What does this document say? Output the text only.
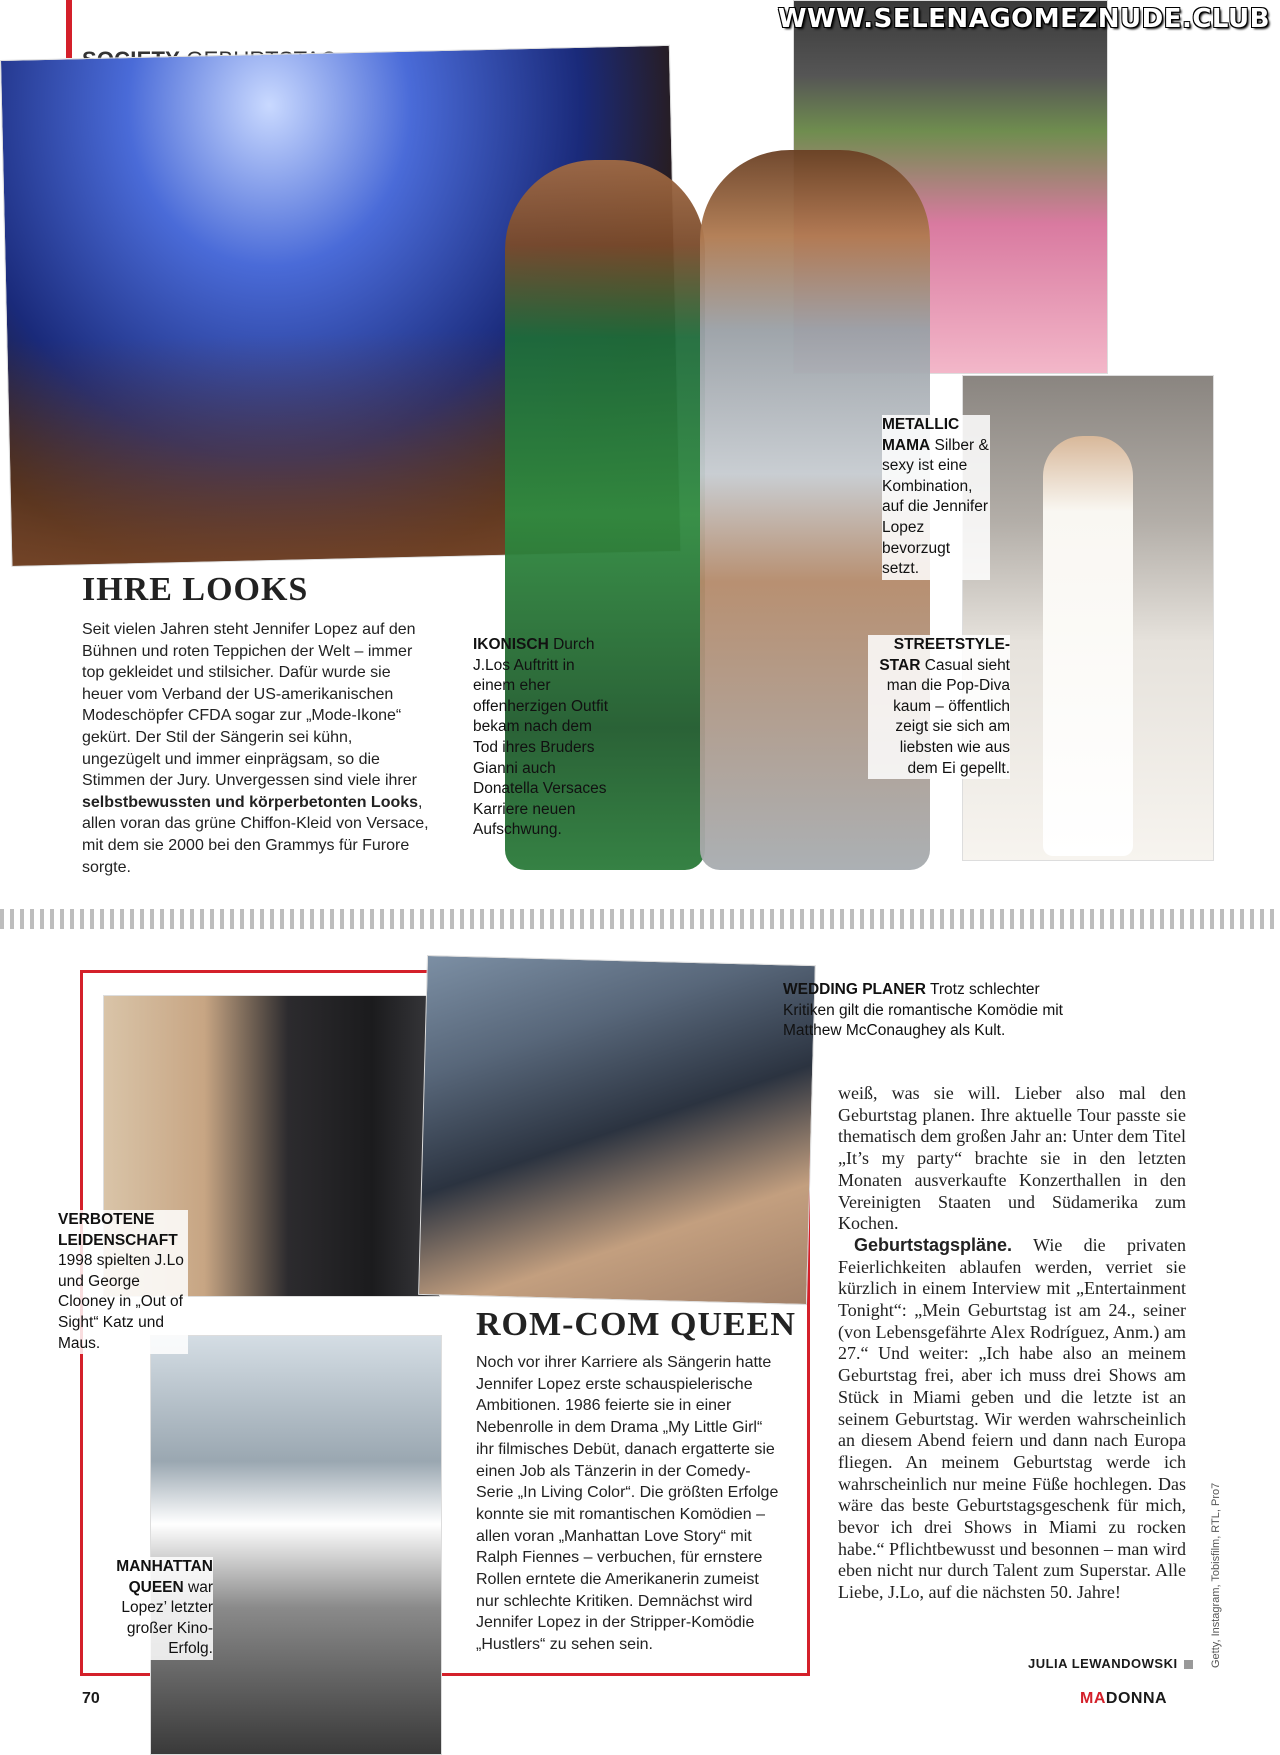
WWW.SELENAGOMEZNUDE.CLUB
IHRE LOOKS
Seit vielen Jahren steht Jennifer Lopez auf den Bühnen und roten Teppichen der Welt – immer top gekleidet und stilsicher. Dafür wurde sie heuer vom Verband der US-amerikanischen Modeschöpfer CFDA sogar zur „Mode-Ikone“ gekürt. Der Stil der Sängerin sei kühn, ungezügelt und immer einprägsam, so die Stimmen der Jury. Unvergessen sind viele ihrer selbstbewussten und körperbetonten Looks, allen voran das grüne Chiffon-Kleid von Versace, mit dem sie 2000 bei den Grammys für Furore sorgte.
IKONISCH Durch J.Los Auftritt in einem eher offenherzigen Outfit bekam nach dem Tod ihres Bruders Gianni auch Donatella Versaces Karriere neuen Aufschwung.
METALLIC MAMA Silber & sexy ist eine Kombination, auf die Jennifer Lopez bevorzugt setzt.
STREETSTYLE-STAR Casual sieht man die Pop-Diva kaum – öffentlich zeigt sie sich am liebsten wie aus dem Ei gepellt.
WEDDING PLANER Trotz schlechter Kritiken gilt die romantische Komödie mit Matthew McConaughey als Kult.
VERBOTENE LEIDENSCHAFT 1998 spielten J.Lo und George Clooney in „Out of Sight“ Katz und Maus.
MANHATTAN QUEEN war Lopez’ letzter großer Kino-Erfolg.
ROM-COM QUEEN
Noch vor ihrer Karriere als Sängerin hatte Jennifer Lopez erste schauspielerische Ambitionen. 1986 feierte sie in einer Nebenrolle in dem Drama „My Little Girl“ ihr filmisches Debüt, danach ergatterte sie einen Job als Tänzerin in der Comedy-Serie „In Living Color“. Die größten Erfolge konnte sie mit romantischen Komödien – allen voran „Manhattan Love Story“ mit Ralph Fiennes – verbuchen, für ernstere Rollen erntete die Amerikanerin zumeist nur schlechte Kritiken. Demnächst wird Jennifer Lopez in der Stripper-Komödie „Hustlers“ zu sehen sein.
weiß, was sie will. Lieber also mal den Geburtstag planen. Ihre aktuelle Tour passte sie thematisch dem großen Jahr an: Unter dem Titel „It’s my party“ brachte sie in den letzten Monaten ausverkaufte Konzerthallen in den Vereinigten Staaten und Südamerika zum Kochen.
Geburtstagspläne. Wie die privaten Feierlichkeiten ablaufen werden, verriet sie kürzlich in einem Interview mit „Entertainment Tonight“: „Mein Geburtstag ist am 24., seiner (von Lebensgefährte Alex Rodríguez, Anm.) am 27.“ Und weiter: „Ich habe also an meinem Geburtstag frei, aber ich muss drei Shows am Stück in Miami geben und die letzte ist an seinem Geburtstag. Wir werden wahrscheinlich an diesem Abend feiern und dann nach Europa fliegen. An meinem Geburtstag werde ich wahrscheinlich nur meine Füße hochlegen. Das wäre das beste Geburtstagsgeschenk für mich, bevor ich drei Shows in Miami zu rocken habe.“ Pflichtbewusst und besonnen – man wird eben nicht nur durch Talent zum Superstar. Alle Liebe, J.Lo, auf die nächsten 50. Jahre!
JULIA LEWANDOWSKI	Getty, Instagram, Tobisfilm, RTL, Pro7
70	MADONNA
